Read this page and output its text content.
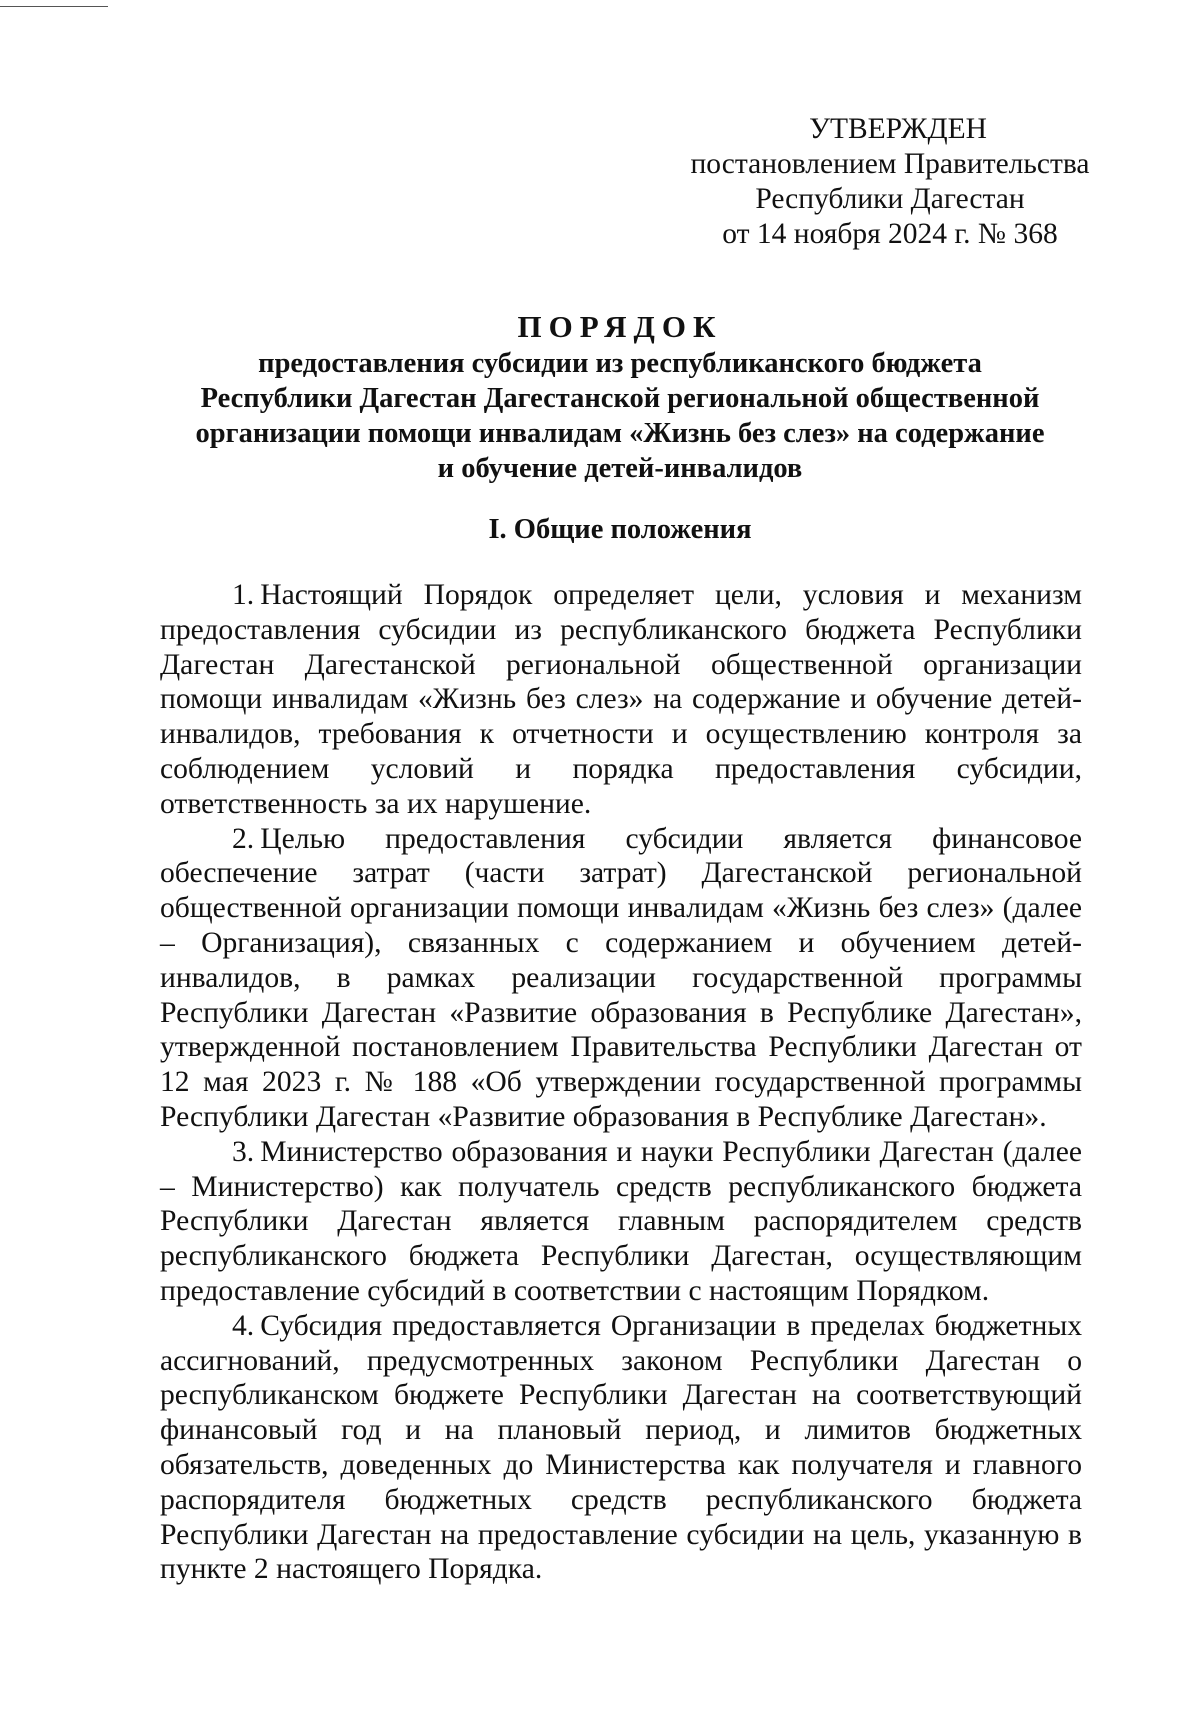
УТВЕРЖДЕН
постановлением Правительства
Республики Дагестан
от 14 ноября 2024 г. № 368

ПОРЯДОК

предоставления субсидии из республиканского бюджета

Республики Дагестан Дагестанской региональной общественной

организации помощи инвалидам «Жизнь без слез» на содержание

и обучение детей-инвалидов

I. Общие положения

1. Настоящий Порядок определяет цели, условия и механизм предоставления субсидии из республиканского бюджета Республики Дагестан Дагестанской региональной общественной организации помощи инвалидам «Жизнь без слез» на содержание и обучение детей-инвалидов, требования к отчетности и осуществлению контроля за соблюдением условий и порядка предоставления субсидии, ответственность за их нарушение.

2. Целью предоставления субсидии является финансовое обеспечение затрат (части затрат) Дагестанской региональной общественной организации помощи инвалидам «Жизнь без слез» (далее – Организация), связанных с содержанием и обучением детей-инвалидов, в рамках реализации государственной программы Республики Дагестан «Развитие образования в Республике Дагестан», утвержденной постановлением Правительства Республики Дагестан от 12 мая 2023 г. № 188 «Об утверждении государственной программы Республики Дагестан «Развитие образования в Республике Дагестан».

3. Министерство образования и науки Республики Дагестан (далее – Министерство) как получатель средств республиканского бюджета Республики Дагестан является главным распорядителем средств республиканского бюджета Республики Дагестан, осуществляющим предоставление субсидий в соответствии с настоящим Порядком.

4. Субсидия предоставляется Организации в пределах бюджетных ассигнований, предусмотренных законом Республики Дагестан о республиканском бюджете Республики Дагестан на соответствующий финансовый год и на плановый период, и лимитов бюджетных обязательств, доведенных до Министерства как получателя и главного распорядителя бюджетных средств республиканского бюджета Республики Дагестан на предоставление субсидии на цель, указанную в пункте 2 настоящего Порядка.
